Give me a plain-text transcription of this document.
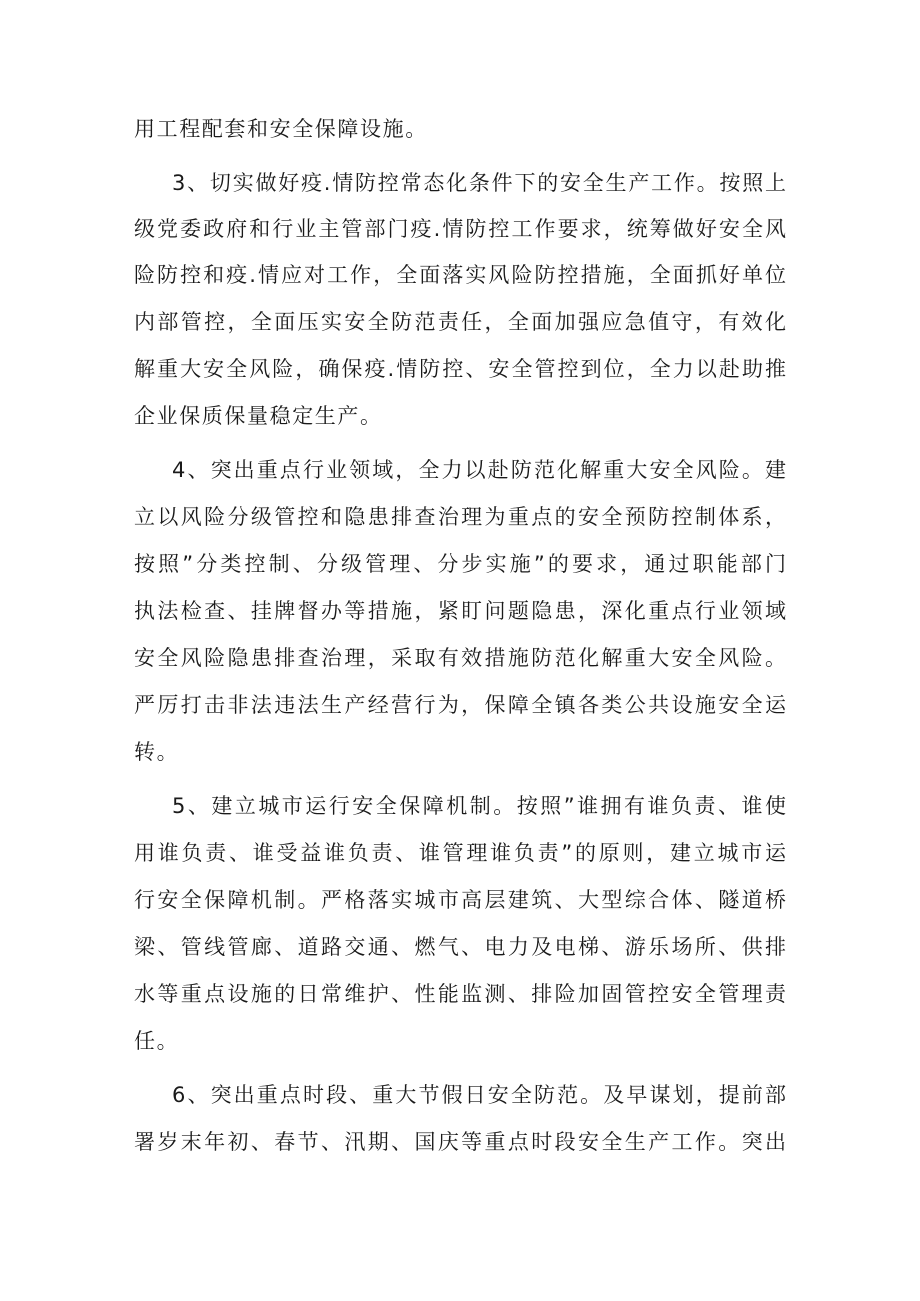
用工程配套和安全保障设施。
3、切实做好疫.情防控常态化条件下的安全生产工作。按照上
级党委政府和行业主管部门疫.情防控工作要求，统筹做好安全风
险防控和疫.情应对工作，全面落实风险防控措施，全面抓好单位
内部管控，全面压实安全防范责任，全面加强应急值守，有效化
解重大安全风险，确保疫.情防控、安全管控到位，全力以赴助推
企业保质保量稳定生产。
4、突出重点行业领域，全力以赴防范化解重大安全风险。建
立以风险分级管控和隐患排查治理为重点的安全预防控制体系，
按照”分类控制、分级管理、分步实施”的要求，通过职能部门
执法检查、挂牌督办等措施，紧盯问题隐患，深化重点行业领域
安全风险隐患排查治理，采取有效措施防范化解重大安全风险。
严厉打击非法违法生产经营行为，保障全镇各类公共设施安全运
转。
5、建立城市运行安全保障机制。按照”谁拥有谁负责、谁使
用谁负责、谁受益谁负责、谁管理谁负责”的原则，建立城市运
行安全保障机制。严格落实城市高层建筑、大型综合体、隧道桥
梁、管线管廊、道路交通、燃气、电力及电梯、游乐场所、供排
水等重点设施的日常维护、性能监测、排险加固管控安全管理责
任。
6、突出重点时段、重大节假日安全防范。及早谋划，提前部
署岁末年初、春节、汛期、国庆等重点时段安全生产工作。突出
